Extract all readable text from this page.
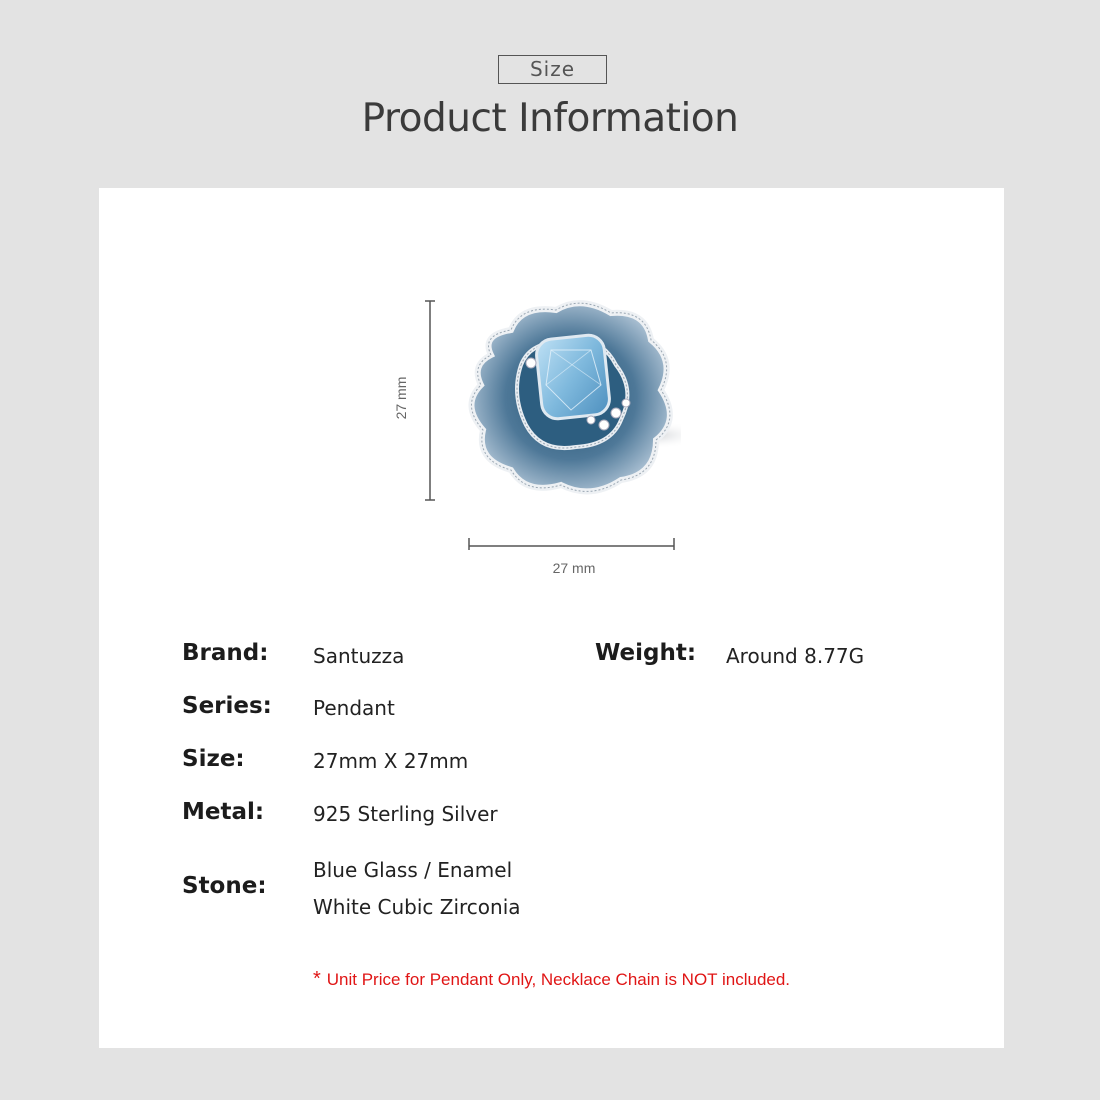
Size
Product Information
27 mm
27 mm
Brand: Santuzza	Weight: Around 8.77G
Series: Pendant
Size:	27mm X 27mm
Metal: 925 Sterling Silver
Stone:
Blue Glass / Enamel
White Cubic Zirconia
* Unit Price for Pendant Only, Necklace Chain is NOT included.
